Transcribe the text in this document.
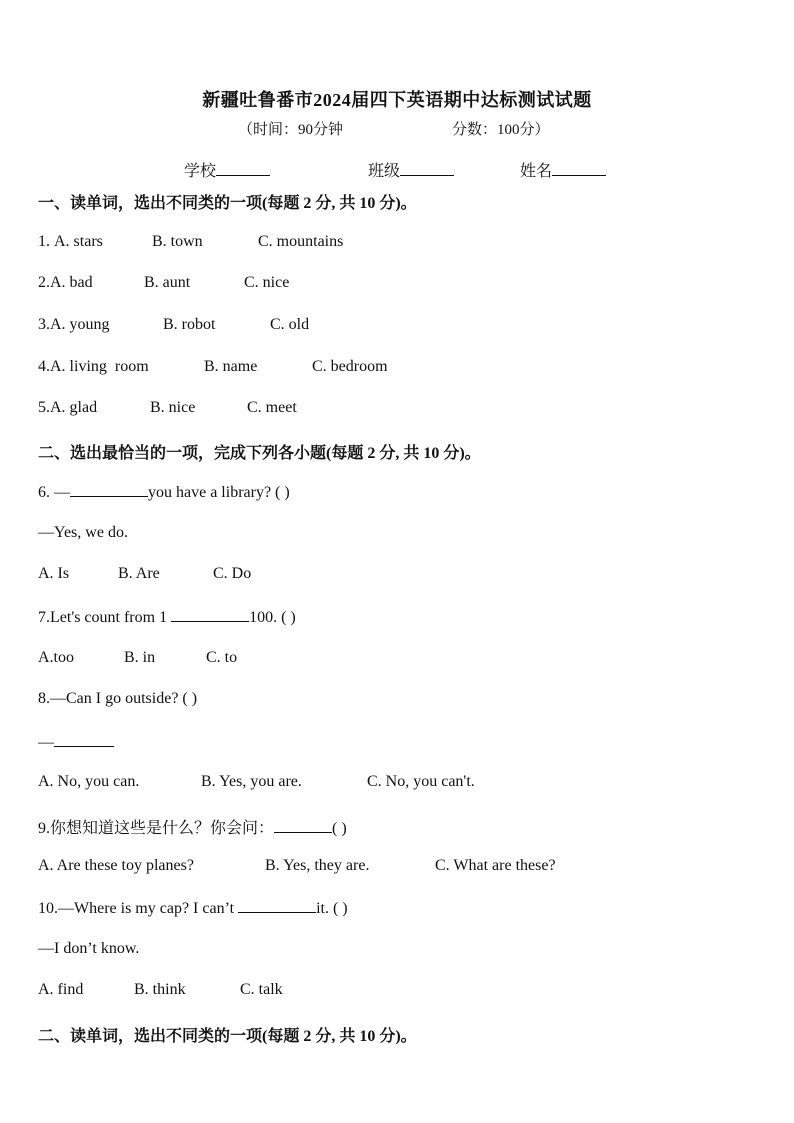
新疆吐鲁番市2024届四下英语期中达标测试试题
（时间：90分钟	分数：100分）
学校	班级	姓名
一、读单词，选出不同类的一项(每题 2 分, 共 10 分)。
1. A. stars	B. town	C. mountains
2.A. bad	B. aunt	C. nice
3.A. young	B. robot	C. old
4.A. living  room	B. name	C. bedroom
5.A. glad	B. nice	C. meet
二、选出最恰当的一项，完成下列各小题(每题 2 分, 共 10 分)。
6. —	you have a library? ( )
—Yes, we do.
A. Is	B. Are	C. Do
7.Let's count from 1	100. ( )
A.too	B. in	C. to
8.—Can I go outside? ( )
—
A. No, you can.	B. Yes, you are.	C. No, you can't.
9.你想知道这些是什么？你会问：	( )
A. Are these toy planes?	B. Yes, they are.	C. What are these?
10.—Where is my cap? I can’t	it. ( )
—I don’t know.
A. find	B. think	C. talk
二、读单词，选出不同类的一项(每题 2 分, 共 10 分)。
